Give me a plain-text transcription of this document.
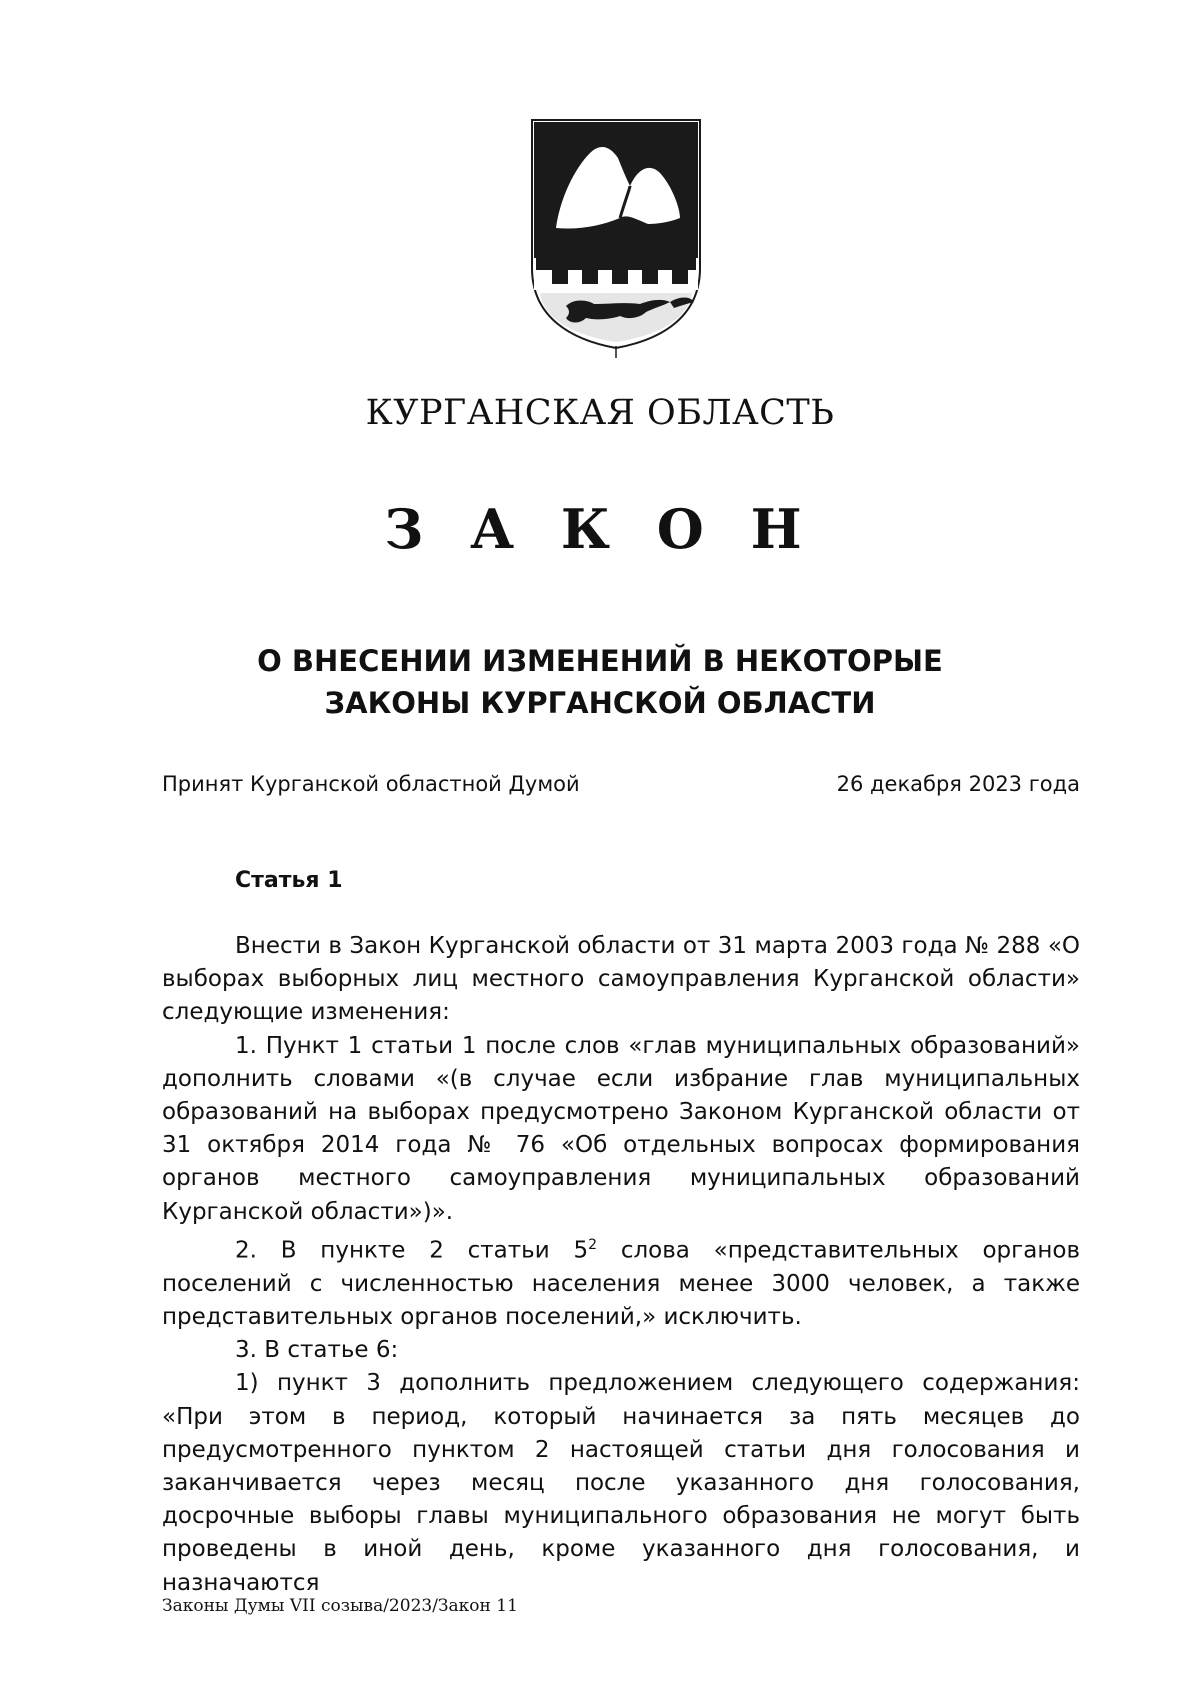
КУРГАНСКАЯ ОБЛАСТЬ
З А К О Н
О ВНЕСЕНИИ ИЗМЕНЕНИЙ В НЕКОТОРЫЕ
ЗАКОНЫ КУРГАНСКОЙ ОБЛАСТИ
Принят Курганской областной Думой	26 декабря 2023 года
Статья 1

Внести в Закон Курганской области от 31 марта 2003 года № 288 «О выборах выборных лиц местного самоуправления Курганской области» следующие изменения:

1. Пункт 1 статьи 1 после слов «глав муниципальных образований» дополнить словами «(в случае если избрание глав муниципальных образований на выборах предусмотрено Законом Курганской области от 31 октября 2014 года № 76 «Об отдельных вопросах формирования органов местного самоуправления муниципальных образований Курганской области»)».

2. В пункте 2 статьи $5^2$ слова «представительных органов поселений с численностью населения менее 3000 человек, а также представительных органов поселений,» исключить.

3. В статье 6:

1) пункт 3 дополнить предложением следующего содержания:

«При этом в период, который начинается за пять месяцев до предусмотренного пунктом 2 настоящей статьи дня голосования и заканчивается через месяц после указанного дня голосования, досрочные выборы главы муниципального образования не могут быть проведены в иной день, кроме указанного дня голосования, и назначаются

Законы Думы VII созыва/2023/Закон 11
